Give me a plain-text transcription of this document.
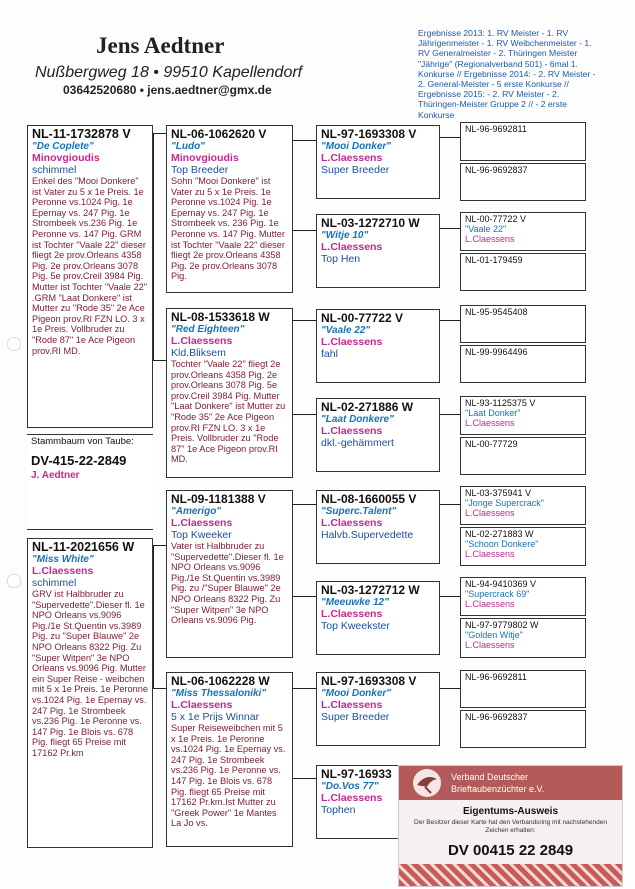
Jens Aedtner
Nußbergweg 18 • 99510 Kapellendorf
03642520680 • jens.aedtner@gmx.de
Ergebnisse 2013: 1. RV Meister - 1. RV Jährigenmeister - 1. RV Weibchenmeister - 1. RV Generalmeister - 2. Thüringen Meister "Jährige" (Regionalverband 501) - 6mal 1. Konkurse // Ergebnisse 2014: - 2. RV Meister - 2. General-Meister - 5 erste Konkurse // Ergebnisse 2015: - 2. RV Meister - 2. Thüringen-Meister Gruppe 2 // - 2 erste Konkurse
NL-11-1732878 V
"De Coplete"
Minovgioudis
schimmel
Enkel des "Mooi Donkere" ist Vater zu 5 x 1e Preis. 1e Peronne vs.1024 Pig. 1e Epernay vs. 247 Pig. 1e Strombeek vs.236 Pig. 1e Peronne vs. 147 Pig. GRM ist Tochter "Vaale 22" dieser fliegt 2e prov.Orleans 4358 Pig. 2e prov.Orleans 3078 Pig. 5e prov.Creil 3984 Pig. Mutter ist Tochter "Vaale 22" .GRM "Laat Donkere" ist Mutter zu "Rode 35" 2e Ace Pigeon prov.RI FZN LO. 3 x 1e Preis. Vollbruder zu "Rode 87" 1e Ace Pigeon prov.RI MD.
Stammbaum von Taube:
DV-415-22-2849
J. Aedtner
NL-11-2021656 W
"Miss White"
L.Claessens
schimmel
GRV ist Halbbruder zu "Supervedette".Dieser fl. 1e NPO Orleans vs.9096 Pig./1e St.Quentin vs.3989 Pig. zu "Super Blauwe" 2e NPO Orleans 8322 Pig. Zu "Super Witpen" 3e NPO Orleans vs.9096 Pig. Mutter ein Super Reise - weibchen mit 5 x 1e Preis. 1e Peronne vs.1024 Pig. 1e Epernay vs. 247 Pig. 1e Strombeek vs.236 Pig. 1e Peronne vs. 147 Pig. 1e Blois vs. 678 Pig. fliegt 65 Preise mit 17162 Pr.km
NL-06-1062620 V
"Ludo"
Minovgioudis
Top Breeder
Sohn "Mooi Donkere" ist Vater zu 5 x 1e Preis. 1e Peronne vs.1024 Pig. 1e Epernay vs. 247 Pig. 1e Strombeek vs. 236 Pig. 1e Peronne vs. 147 Pig. Mutter ist Tochter "Vaale 22" dieser fliegt 2e prov.Orleans 4358 Pig. 2e prov.Orleans 3078 Pig.
NL-08-1533618 W
"Red Eighteen"
L.Claessens
Kld.Bliksem
Tochter "Vaale 22" fliegt 2e prov.Orleans 4358 Pig. 2e prov.Orleans 3078 Pig. 5e prov.Creil 3984 Pig. Mutter "Laat Donkere" ist Mutter zu "Rode 35" 2e Ace Pigeon prov.RI FZN LO. 3 x 1e Preis. Vollbruder zu "Rode 87" 1e Ace Pigeon prov.RI MD.
NL-09-1181388 V
"Amerigo"
L.Claessens
Top Kweeker
Vater ist Halbbruder zu "Supervedette".Dieser fl. 1e NPO Orleans vs.9096 Pig./1e St.Quentin vs.3989 Pig. zu /"Super Blauwe" 2e NPO Orleans 8322 Pig. Zu "Super Witpen" 3e NPO Orleans vs.9096 Pig.
NL-06-1062228 W
"Miss Thessaloniki"
L.Claessens
5 x 1e Prijs Winnar
Super Reiseweibchen mit 5 x 1e Preis. 1e Peronne vs.1024 Pig. 1e Epernay vs. 247 Pig. 1e Strombeek vs.236 Pig. 1e Peronne vs. 147 Pig. 1e Blois vs. 678 Pig. fliegt 65 Preise mit 17162 Pr.km.Ist Mutter zu "Greek Power" 1e Mantes La Jo vs.
NL-97-1693308 V
"Mooi Donker"
L.Claessens
Super Breeder
NL-03-1272710 W
"Witje 10"
L.Claessens
Top Hen
NL-00-77722 V
"Vaale 22"
L.Claessens
fahl
NL-02-271886 W
"Laat Donkere"
L.Claessens
dkl.-gehämmert
NL-08-1660055 V
"Superc.Talent"
L.Claessens
Halvb.Supervedette
NL-03-1272712 W
"Meeuwke 12"
L.Claessens
Top Kweekster
NL-97-1693308 V
"Mooi Donker"
L.Claessens
Super Breeder
NL-97-16933
"Do.Vos 77"
L.Claessens
Tophen
NL-96-9692811
NL-96-9692837
NL-00-77722 V
"Vaale 22"
L.Claessens
NL-01-179459
NL-95-9545408
NL-99-9964496
NL-93-1125375 V
"Laat Donker"
L.Claessens
NL-00-77729
NL-03-375941 V
"Jonge Supercrack"
L.Claessens
NL-02-271883 W
"Schoon Donkere"
L.Claessens
NL-94-9410369 V
"Supercrack 69"
L.Claessens
NL-97-9779802 W
"Golden Witje"
L.Claessens
NL-96-9692811
NL-96-9692837
Verband Deutscher
Brieftaubenzüchter e.V.
Eigentums-Ausweis
Der Besitzer dieser Karte hat den Verbandsring mit nachstehenden Zeichen erhalten:
DV 00415 22 2849
